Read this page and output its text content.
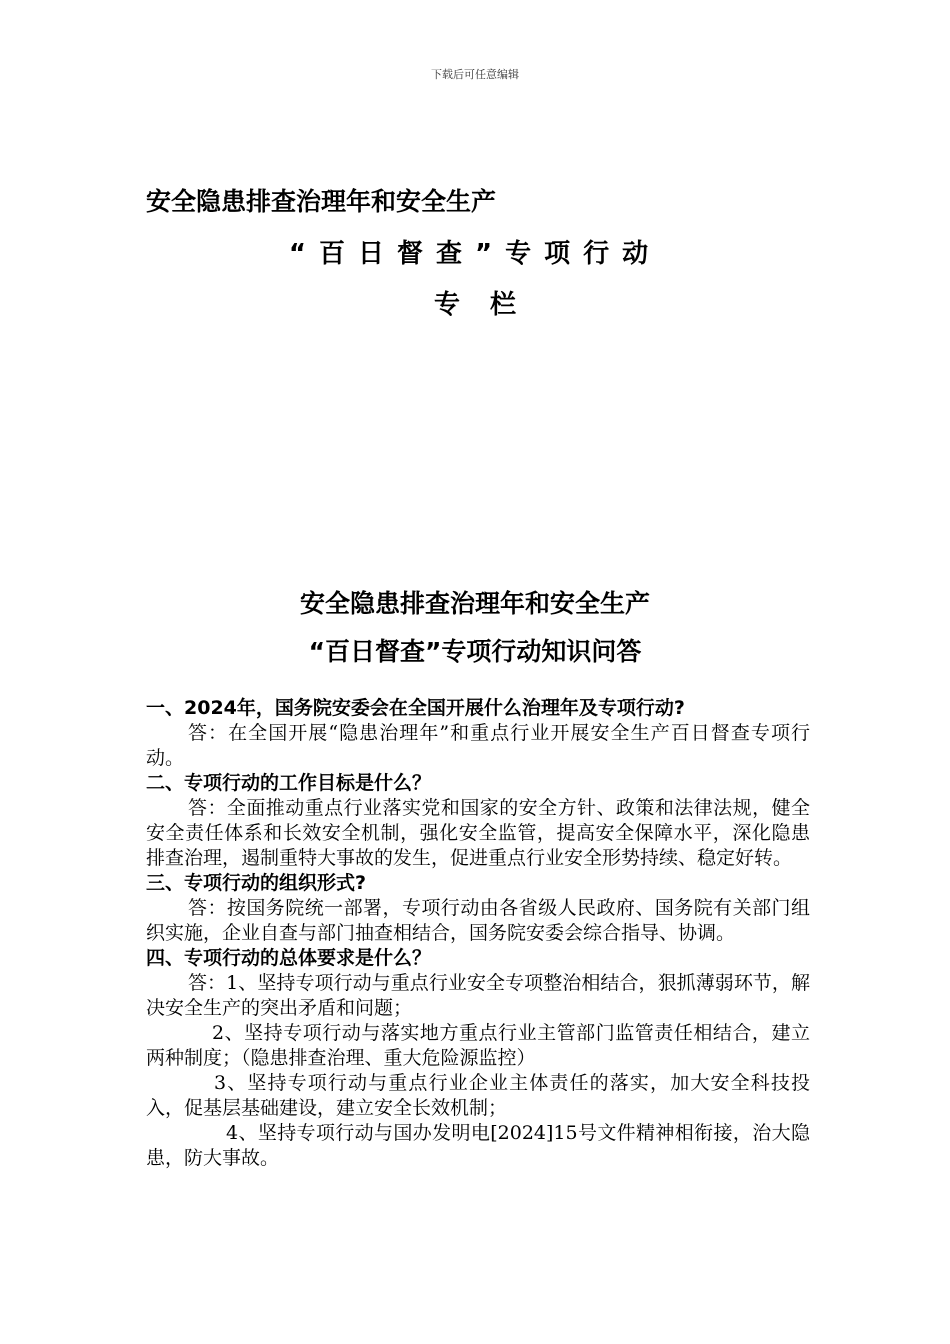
下载后可任意编辑
安全隐患排查治理年和安全生产
“百日督查”专项行动
专栏
安全隐患排查治理年和安全生产
“百日督查”专项行动知识问答
一、2024年，国务院安委会在全国开展什么治理年及专项行动?
答：在全国开展“隐患治理年”和重点行业开展安全生产百日督查专项行动。
二、专项行动的工作目标是什么？
答：全面推动重点行业落实党和国家的安全方针、政策和法律法规，健全安全责任体系和长效安全机制，强化安全监管，提高安全保障水平，深化隐患排查治理，遏制重特大事故的发生，促进重点行业安全形势持续、稳定好转。
三、专项行动的组织形式?
答：按国务院统一部署，专项行动由各省级人民政府、国务院有关部门组织实施，企业自查与部门抽查相结合，国务院安委会综合指导、协调。
四、专项行动的总体要求是什么？
答：1、坚持专项行动与重点行业安全专项整治相结合，狠抓薄弱环节，解决安全生产的突出矛盾和问题；
2、坚持专项行动与落实地方重点行业主管部门监管责任相结合，建立两种制度；（隐患排查治理、重大危险源监控）
3、坚持专项行动与重点行业企业主体责任的落实，加大安全科技投入，促基层基础建设，建立安全长效机制；
4、坚持专项行动与国办发明电[2024]15号文件精神相衔接，治大隐患，防大事故。
